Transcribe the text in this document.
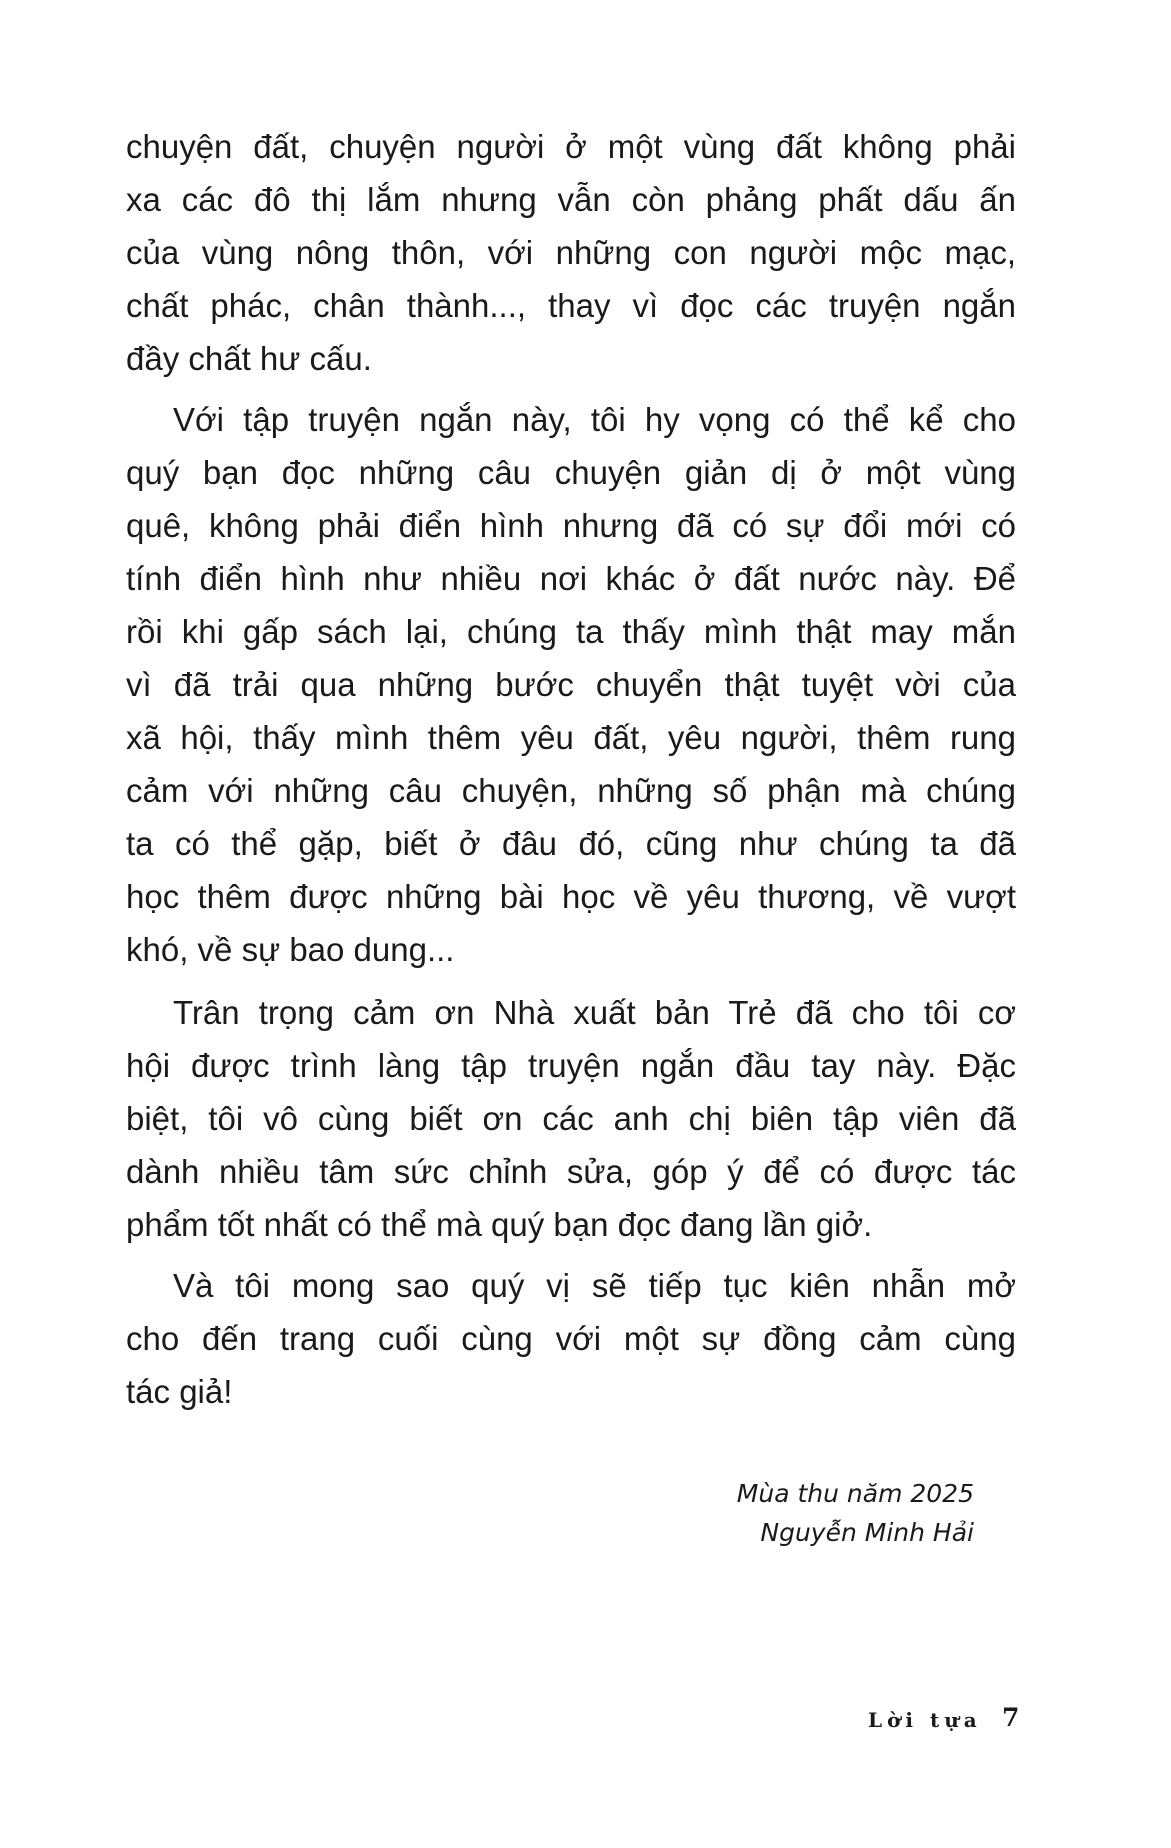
chuyện đất, chuyện người ở một vùng đất không phải
xa các đô thị lắm nhưng vẫn còn phảng phất dấu ấn
của vùng nông thôn, với những con người mộc mạc,
chất phác, chân thành..., thay vì đọc các truyện ngắn
đầy chất hư cấu.
Với tập truyện ngắn này, tôi hy vọng có thể kể cho
quý bạn đọc những câu chuyện giản dị ở một vùng
quê, không phải điển hình nhưng đã có sự đổi mới có
tính điển hình như nhiều nơi khác ở đất nước này. Để
rồi khi gấp sách lại, chúng ta thấy mình thật may mắn
vì đã trải qua những bước chuyển thật tuyệt vời của
xã hội, thấy mình thêm yêu đất, yêu người, thêm rung
cảm với những câu chuyện, những số phận mà chúng
ta có thể gặp, biết ở đâu đó, cũng như chúng ta đã
học thêm được những bài học về yêu thương, về vượt
khó, về sự bao dung...
Trân trọng cảm ơn Nhà xuất bản Trẻ đã cho tôi cơ
hội được trình làng tập truyện ngắn đầu tay này. Đặc
biệt, tôi vô cùng biết ơn các anh chị biên tập viên đã
dành nhiều tâm sức chỉnh sửa, góp ý để có được tác
phẩm tốt nhất có thể mà quý bạn đọc đang lần giở.
Và tôi mong sao quý vị sẽ tiếp tục kiên nhẫn mở
cho đến trang cuối cùng với một sự đồng cảm cùng
tác giả!
Mùa thu năm 2025
Nguyễn Minh Hải
Lời tựa 7
